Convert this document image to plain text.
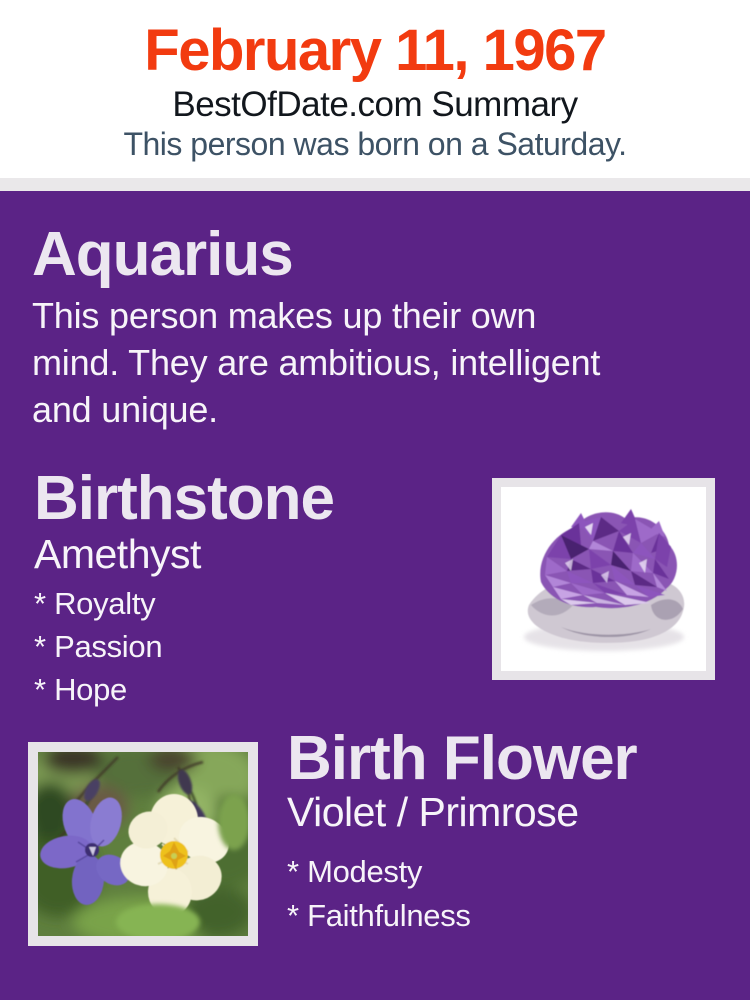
February 11, 1967
BestOfDate.com Summary
This person was born on a Saturday.
Aquarius
This person makes up their own mind. They are ambitious, intelligent and unique.
Birthstone
Amethyst
* Royalty
* Passion
* Hope
Birth Flower
Violet / Primrose
* Modesty
* Faithfulness
